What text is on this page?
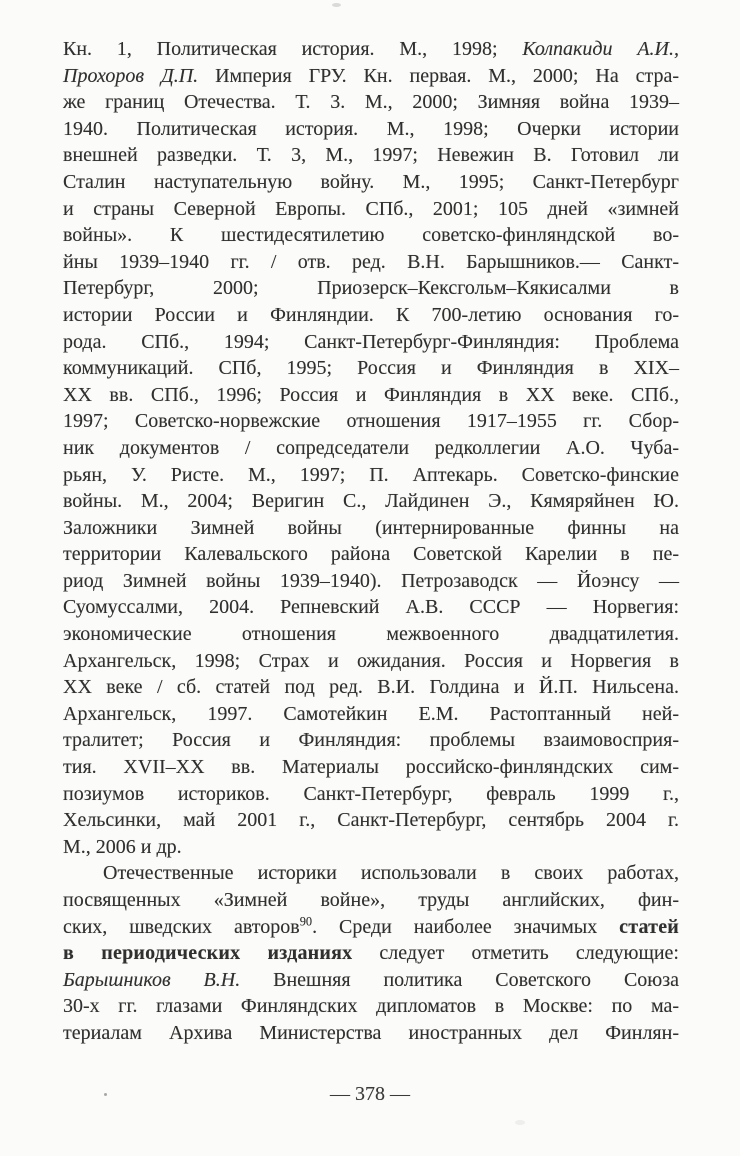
Кн. 1, Политическая история. М., 1998; Колпакиди А.И.,
Прохоров Д.П. Империя ГРУ. Кн. первая. М., 2000; На стра-
же границ Отечества. Т. 3. М., 2000; Зимняя война 1939–
1940. Политическая история. М., 1998; Очерки истории
внешней разведки. Т. 3, М., 1997; Невежин В. Готовил ли
Сталин наступательную войну. М., 1995; Санкт-Петербург
и страны Северной Европы. СПб., 2001; 105 дней «зимней
войны». К шестидесятилетию советско-финляндской во-
йны 1939–1940 гг. / отв. ред. В.Н. Барышников.— Санкт-
Петербург, 2000; Приозерск–Кексгольм–Кякисалми в
истории России и Финляндии. К 700-летию основания го-
рода. СПб., 1994; Санкт-Петербург-Финляндия: Проблема
коммуникаций. СПб, 1995; Россия и Финляндия в XIX–
XX вв. СПб., 1996; Россия и Финляндия в XX веке. СПб.,
1997; Советско-норвежские отношения 1917–1955 гг. Сбор-
ник документов / сопредседатели редколлегии А.О. Чуба-
рьян, У. Ристе. М., 1997; П. Аптекарь. Советско-финские
войны. М., 2004; Веригин С., Лайдинен Э., Кямяряйнен Ю.
Заложники Зимней войны (интернированные финны на
территории Калевальского района Советской Карелии в пе-
риод Зимней войны 1939–1940). Петрозаводск — Йоэнсу —
Суомуссалми, 2004. Репневский А.В. СССР — Норвегия:
экономические отношения межвоенного двадцатилетия.
Архангельск, 1998; Страх и ожидания. Россия и Норвегия в
XX веке / сб. статей под ред. В.И. Голдина и Й.П. Нильсена.
Архангельск, 1997. Самотейкин Е.М. Растоптанный ней-
тралитет; Россия и Финляндия: проблемы взаимовосприя-
тия. XVII–XX вв. Материалы российско-финляндских сим-
позиумов историков. Санкт-Петербург, февраль 1999 г.,
Хельсинки, май 2001 г., Санкт-Петербург, сентябрь 2004 г.
М., 2006 и др.
Отечественные историки использовали в своих работах,
посвященных «Зимней войне», труды английских, фин-
ских, шведских авторов$^{90}$. Среди наиболее значимых статей
в периодических изданиях следует отметить следующие:
Барышников В.Н. Внешняя политика Советского Союза
30-х гг. глазами Финляндских дипломатов в Москве: по ма-
териалам Архива Министерства иностранных дел Финлян-
— 378 —
